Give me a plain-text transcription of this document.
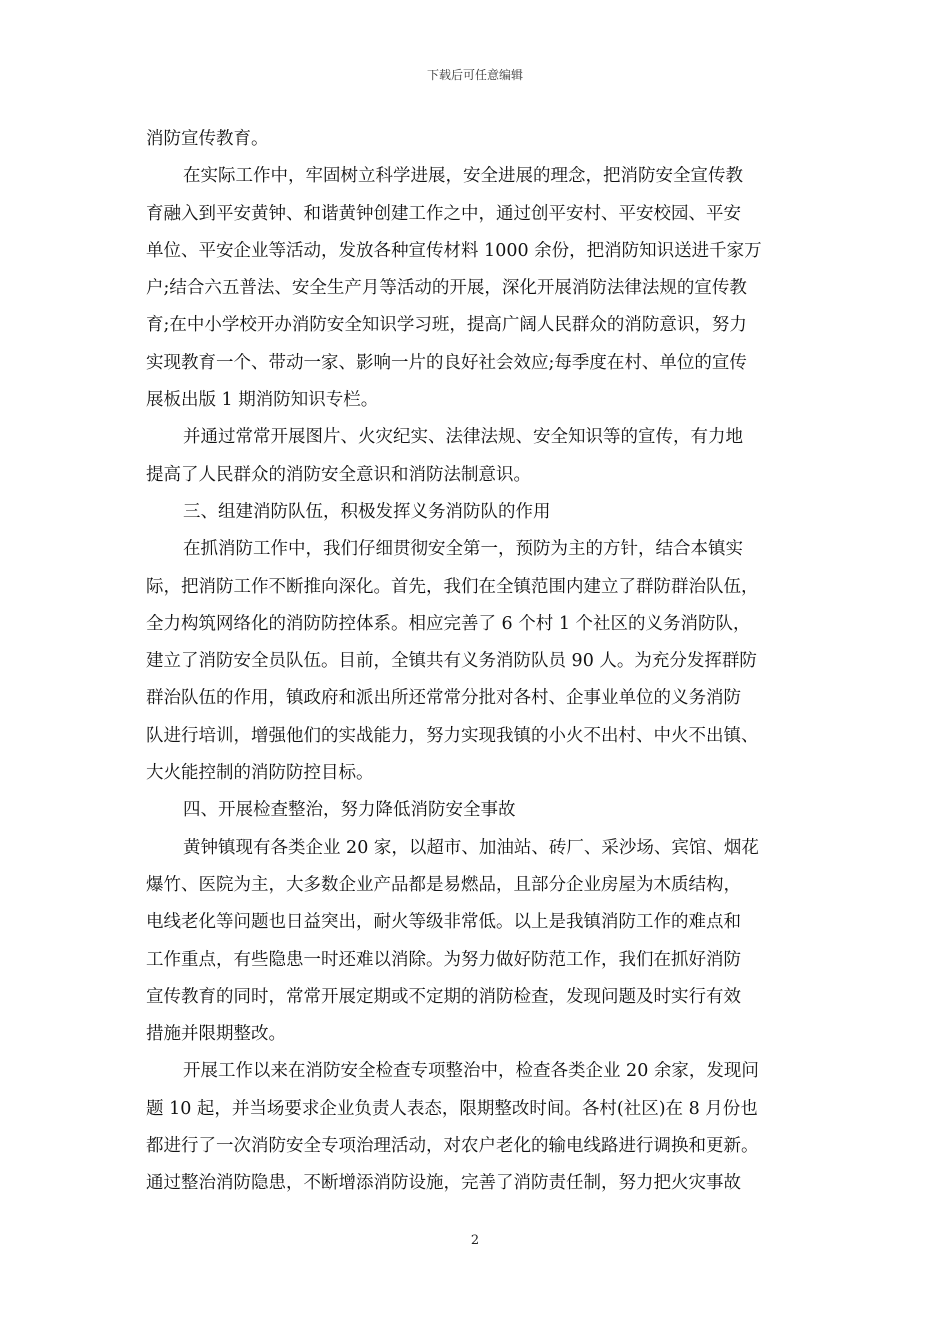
下载后可任意编辑
消防宣传教育。
在实际工作中，牢固树立科学进展，安全进展的理念，把消防安全宣传教
育融入到平安黄钟、和谐黄钟创建工作之中，通过创平安村、平安校园、平安
单位、平安企业等活动，发放各种宣传材料 1000 余份，把消防知识送进千家万
户;结合六五普法、安全生产月等活动的开展，深化开展消防法律法规的宣传教
育;在中小学校开办消防安全知识学习班，提高广阔人民群众的消防意识，努力
实现教育一个、带动一家、影响一片的良好社会效应;每季度在村、单位的宣传
展板出版 1 期消防知识专栏。
并通过常常开展图片、火灾纪实、法律法规、安全知识等的宣传，有力地
提高了人民群众的消防安全意识和消防法制意识。
三、组建消防队伍，积极发挥义务消防队的作用
在抓消防工作中，我们仔细贯彻安全第一，预防为主的方针，结合本镇实
际，把消防工作不断推向深化。首先，我们在全镇范围内建立了群防群治队伍，
全力构筑网络化的消防防控体系。相应完善了 6 个村 1 个社区的义务消防队，
建立了消防安全员队伍。目前，全镇共有义务消防队员 90 人。为充分发挥群防
群治队伍的作用，镇政府和派出所还常常分批对各村、企事业单位的义务消防
队进行培训，增强他们的实战能力，努力实现我镇的小火不出村、中火不出镇、
大火能控制的消防防控目标。
四、开展检查整治，努力降低消防安全事故
黄钟镇现有各类企业 20 家，以超市、加油站、砖厂、采沙场、宾馆、烟花
爆竹、医院为主，大多数企业产品都是易燃品，且部分企业房屋为木质结构，
电线老化等问题也日益突出，耐火等级非常低。以上是我镇消防工作的难点和
工作重点，有些隐患一时还难以消除。为努力做好防范工作，我们在抓好消防
宣传教育的同时，常常开展定期或不定期的消防检查，发现问题及时实行有效
措施并限期整改。
开展工作以来在消防安全检查专项整治中，检查各类企业 20 余家，发现问
题 10 起，并当场要求企业负责人表态，限期整改时间。各村(社区)在 8 月份也
都进行了一次消防安全专项治理活动，对农户老化的输电线路进行调换和更新。
通过整治消防隐患，不断增添消防设施，完善了消防责任制，努力把火灾事故
2
